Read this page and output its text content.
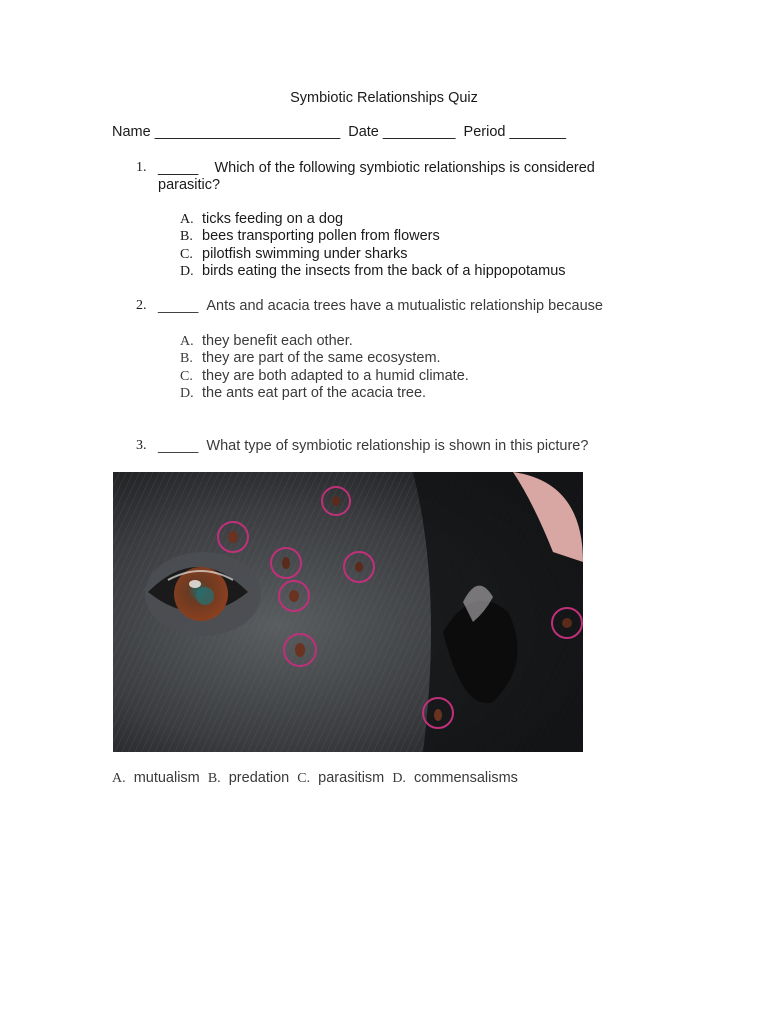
Symbiotic Relationships Quiz
Name _______________________  Date _________  Period _______
1. _____ Which of the following symbiotic relationships is considered parasitic?
A. ticks feeding on a dog
B. bees transporting pollen from flowers
C. pilotfish swimming under sharks
D. birds eating the insects from the back of a hippopotamus
2. _____ Ants and acacia trees have a mutualistic relationship because
A. they benefit each other.
B. they are part of the same ecosystem.
C. they are both adapted to a humid climate.
D. the ants eat part of the acacia tree.
3. _____ What type of symbiotic relationship is shown in this picture?
A. mutualism B. predation C. parasitism D. commensalisms
